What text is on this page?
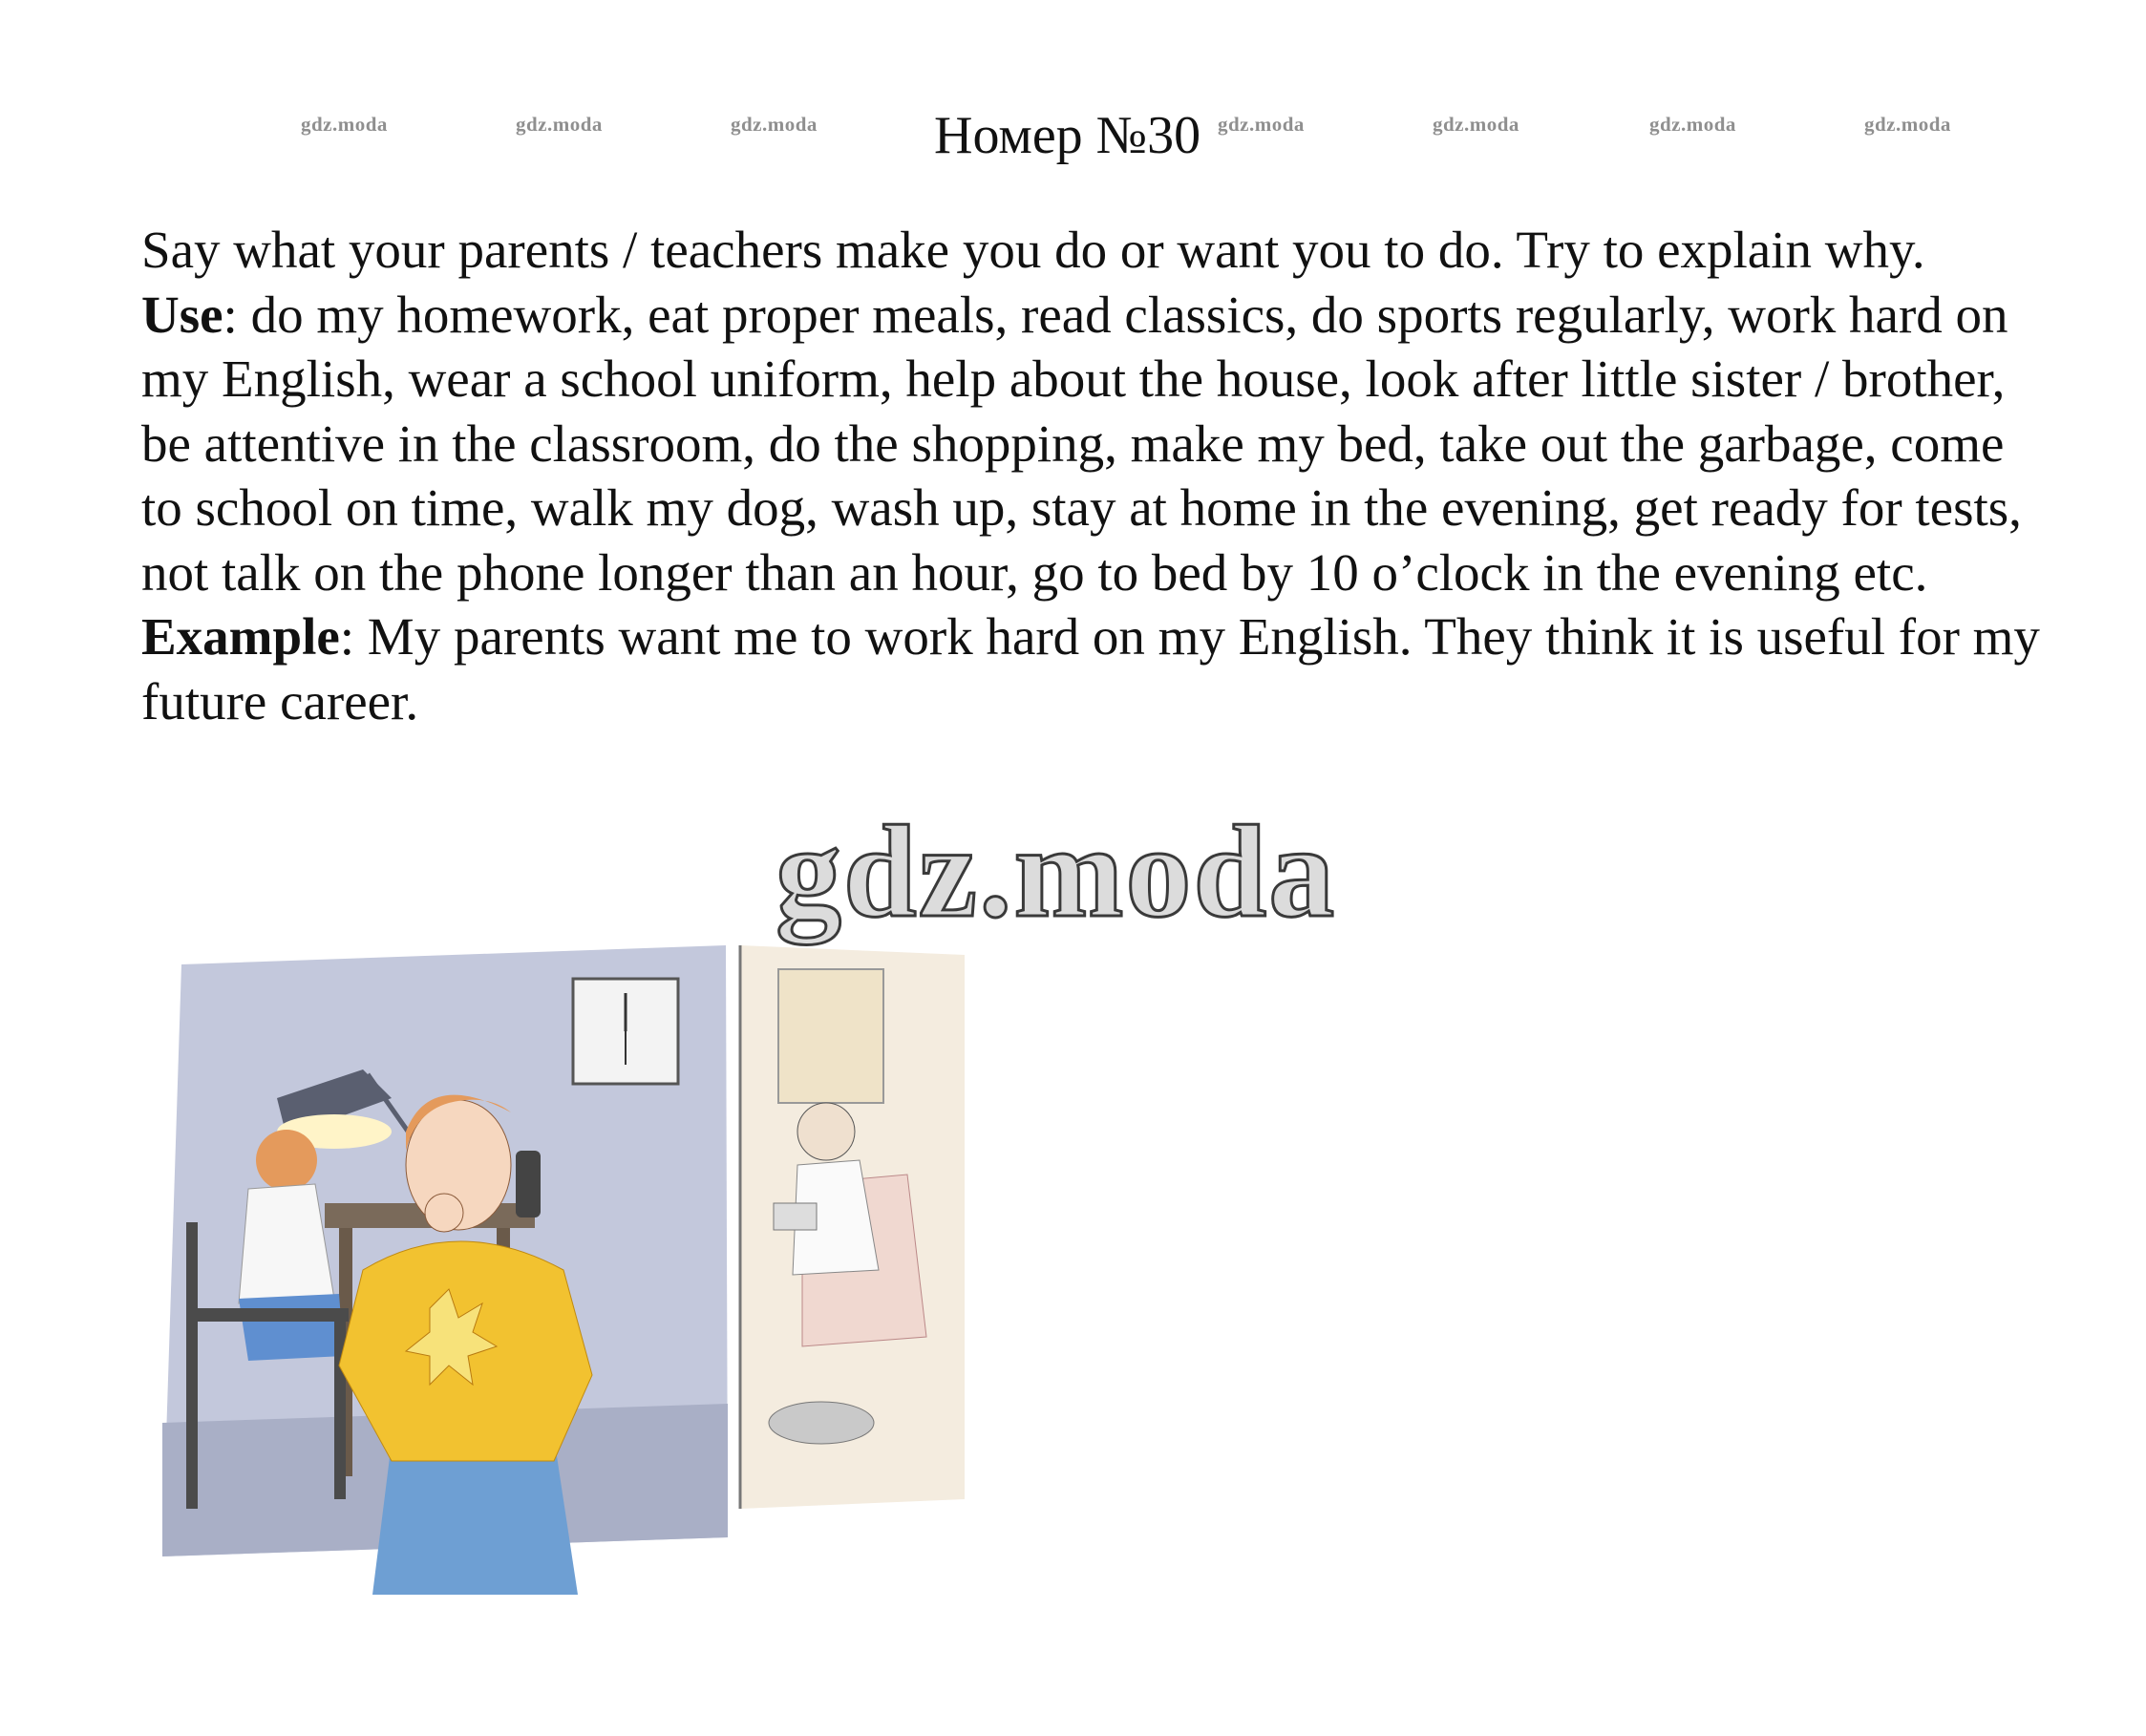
gdz.moda	gdz.moda	gdz.moda	gdz.moda	gdz.moda	gdz.moda	gdz.moda
Номер №30

Say what your parents / teachers make you do or want you to do. Try to explain why.

Use: do my homework, eat proper meals, read classics, do sports regularly, work hard on my English, wear a school uniform, help about the house, look after little sister / brother, be attentive in the classroom, do the shopping, make my bed, take out the garbage, come to school on time, walk my dog, wash up, stay at home in the evening, get ready for tests, not talk on the phone longer than an hour, go to bed by 10 o’clock in the evening etc.

Example: My parents want me to work hard on my English. They think it is useful for my future career.

gdz.moda
